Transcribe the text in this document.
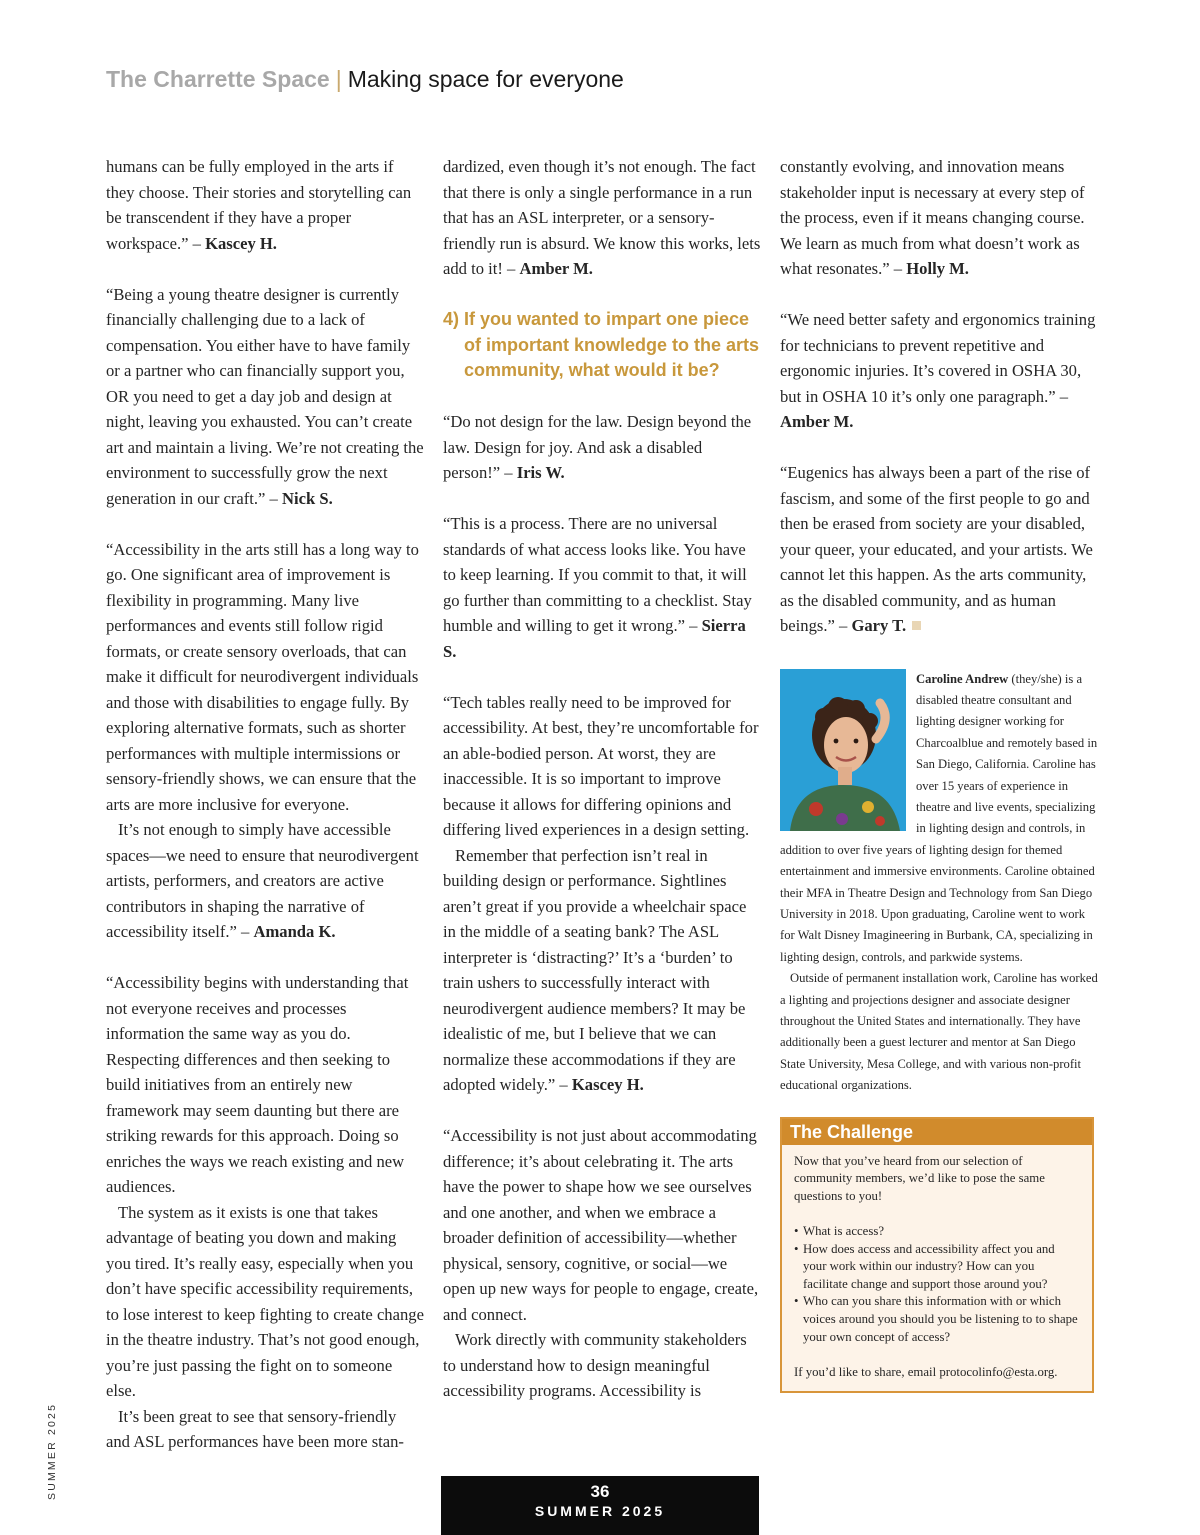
The Charrette Space | Making space for everyone

humans can be fully employed in the arts if they choose. Their stories and storytelling can be transcendent if they have a proper workspace.” – Kascey H.

“Being a young theatre designer is currently financially challenging due to a lack of compensation. You either have to have family or a partner who can financially support you, OR you need to get a day job and design at night, leaving you exhausted. You can’t create art and maintain a living. We’re not creating the environment to successfully grow the next generation in our craft.” – Nick S.

“Accessibility in the arts still has a long way to go. One significant area of improvement is flexibility in programming. Many live performances and events still follow rigid formats, or create sensory overloads, that can make it difficult for neurodivergent individuals and those with disabilities to engage fully. By exploring alternative formats, such as shorter performances with multiple intermissions or sensory-friendly shows, we can ensure that the arts are more inclusive for everyone.

It’s not enough to simply have accessible spaces—we need to ensure that neurodivergent artists, performers, and creators are active contributors in shaping the narrative of accessibility itself.” – Amanda K.

“Accessibility begins with understanding that not everyone receives and processes information the same way as you do. Respecting differences and then seeking to build initiatives from an entirely new framework may seem daunting but there are striking rewards for this approach. Doing so enriches the ways we reach existing and new audiences.

The system as it exists is one that takes advantage of beating you down and making you tired. It’s really easy, especially when you don’t have specific accessibility requirements, to lose interest to keep fighting to create change in the theatre industry. That’s not good enough, you’re just passing the fight on to someone else.

It’s been great to see that sensory-friendly and ASL performances have been more stan-

dardized, even though it’s not enough. The fact that there is only a single performance in a run that has an ASL interpreter, or a sensory-friendly run is absurd. We know this works, lets add to it! – Amber M.

4) If you wanted to impart one piece of important knowledge to the arts community, what would it be?

“Do not design for the law. Design beyond the law. Design for joy. And ask a disabled person!” – Iris W.

“This is a process. There are no universal standards of what access looks like. You have to keep learning. If you commit to that, it will go further than committing to a checklist. Stay humble and willing to get it wrong.” – Sierra S.

“Tech tables really need to be improved for accessibility. At best, they’re uncomfortable for an able-bodied person. At worst, they are inaccessible. It is so important to improve because it allows for differing opinions and differing lived experiences in a design setting.

Remember that perfection isn’t real in building design or performance. Sightlines aren’t great if you provide a wheelchair space in the middle of a seating bank? The ASL interpreter is ‘distracting?’ It’s a ‘burden’ to train ushers to successfully interact with neurodivergent audience members? It may be idealistic of me, but I believe that we can normalize these accommodations if they are adopted widely.” – Kascey H.

“Accessibility is not just about accommodating difference; it’s about celebrating it. The arts have the power to shape how we see ourselves and one another, and when we embrace a broader definition of accessibility—whether physical, sensory, cognitive, or social—we open up new ways for people to engage, create, and connect.

Work directly with community stakeholders to understand how to design meaningful accessibility programs. Accessibility is

constantly evolving, and innovation means stakeholder input is necessary at every step of the process, even if it means changing course. We learn as much from what doesn’t work as what resonates.” – Holly M.

“We need better safety and ergonomics training for technicians to prevent repetitive and ergonomic injuries. It’s covered in OSHA 30, but in OSHA 10 it’s only one paragraph.” – Amber M.

“Eugenics has always been a part of the rise of fascism, and some of the first people to go and then be erased from society are your disabled, your queer, your educated, and your artists. We cannot let this happen. As the arts community, as the disabled community, and as human beings.” – Gary T.

Caroline Andrew (they/she) is a disabled theatre consultant and lighting designer working for Charcoalblue and remotely based in San Diego, California. Caroline has over 15 years of experience in theatre and live events, specializing in lighting design and controls, in addition to over five years of lighting design for themed entertainment and immersive environments. Caroline obtained their MFA in Theatre Design and Technology from San Diego University in 2018. Upon graduating, Caroline went to work for Walt Disney Imagineering in Burbank, CA, specializing in lighting design, controls, and parkwide systems.

Outside of permanent installation work, Caroline has worked a lighting and projections designer and associate designer throughout the United States and internationally. They have additionally been a guest lecturer and mentor at San Diego State University, Mesa College, and with various non-profit educational organizations.

The Challenge

Now that you’ve heard from our selection of community members, we’d like to pose the same questions to you!

• What is access?
• How does access and accessibility affect you and your work within our industry? How can you facilitate change and support those around you?
• Who can you share this information with or which voices around you should you be listening to to shape your own concept of access?

If you’d like to share, email protocolinfo@esta.org.

SUMMER 2025	36
SUMMER 2025
